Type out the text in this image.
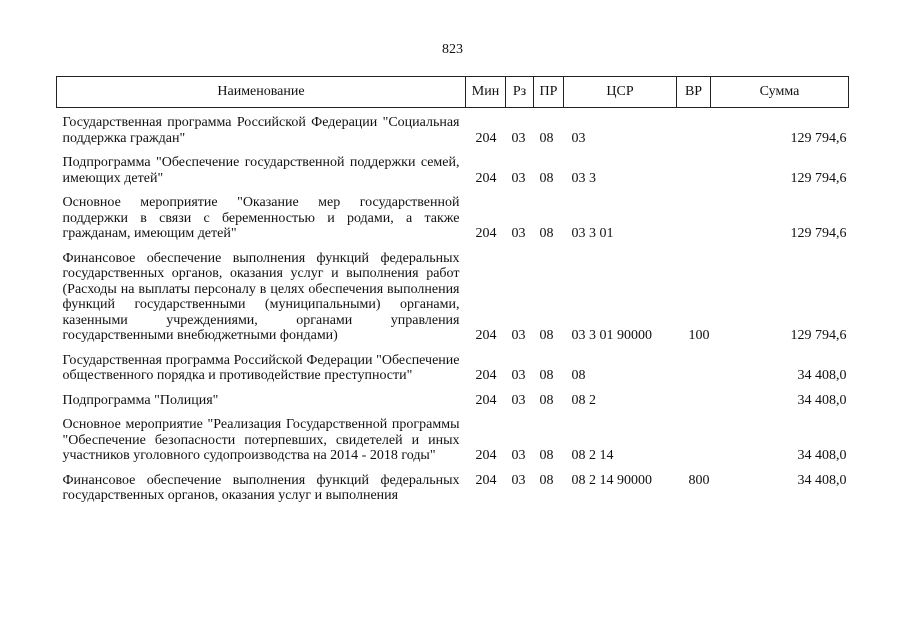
823
Наименование	Мин	Рз	ПР	ЦСР	ВР	Сумма
Государственная программа Российской Федерации "Социальная поддержка граждан"	204	03	08	03		129 794,6
Подпрограмма "Обеспечение государственной поддержки семей, имеющих детей"	204	03	08	03 3		129 794,6
Основное мероприятие "Оказание мер государственной поддержки в связи с беременностью и родами, а также гражданам, имеющим детей"	204	03	08	03 3 01		129 794,6
Финансовое обеспечение выполнения функций федеральных государственных органов, оказания услуг и выполнения работ (Расходы на выплаты персоналу в целях обеспечения выполнения функций государственными (муниципальными) органами, казенными учреждениями, органами управления государственными внебюджетными фондами)	204	03	08	03 3 01 90000	100	129 794,6
Государственная программа Российской Федерации "Обеспечение общественного порядка и противодействие преступности"	204	03	08	08		34 408,0
Подпрограмма "Полиция"	204	03	08	08 2		34 408,0
Основное мероприятие "Реализация Государственной программы "Обеспечение безопасности потерпевших, свидетелей и иных участников уголовного судопроизводства на 2014 - 2018 годы"	204	03	08	08 2 14		34 408,0
Финансовое обеспечение выполнения функций федеральных государственных органов, оказания услуг и выполнения	204	03	08	08 2 14 90000	800	34 408,0
